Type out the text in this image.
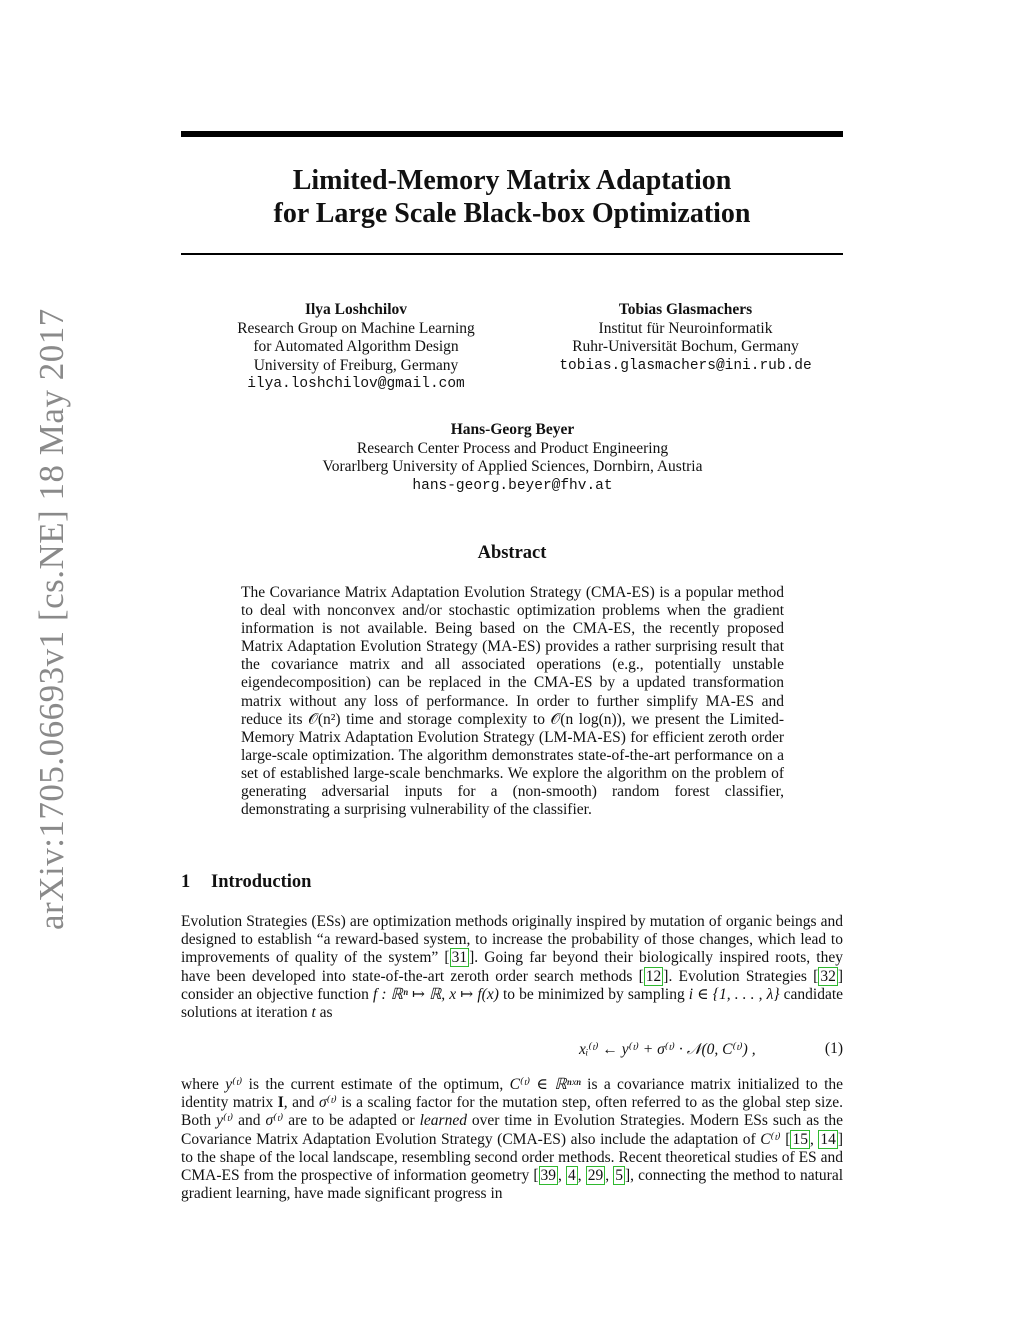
Limited-Memory Matrix Adaptation
for Large Scale Black-box Optimization
arXiv:1705.06693v1 [cs.NE] 18 May 2017	Ilya Loshchilov
Research Group on Machine Learning
for Automated Algorithm Design
University of Freiburg, Germany
ilya.loshchilov@gmail.com
Tobias Glasmachers
Institut für Neuroinformatik
Ruhr-Universität Bochum, Germany
tobias.glasmachers@ini.rub.de
Hans-Georg Beyer
Research Center Process and Product Engineering
Vorarlberg University of Applied Sciences, Dornbirn, Austria
hans-georg.beyer@fhv.at
Abstract
The Covariance Matrix Adaptation Evolution Strategy (CMA-ES) is a popular method to deal with nonconvex and/or stochastic optimization problems when the gradient information is not available. Being based on the CMA-ES, the recently proposed Matrix Adaptation Evolution Strategy (MA-ES) provides a rather surprising result that the covariance matrix and all associated operations (e.g., potentially unstable eigendecomposition) can be replaced in the CMA-ES by a updated transformation matrix without any loss of performance. In order to further simplify MA-ES and reduce its 𝒪(n²) time and storage complexity to 𝒪(n log(n)), we present the Limited-Memory Matrix Adaptation Evolution Strategy (LM-MA-ES) for efficient zeroth order large-scale optimization. The algorithm demonstrates state-of-the-art performance on a set of established large-scale benchmarks. We explore the algorithm on the problem of generating adversarial inputs for a (non-smooth) random forest classifier, demonstrating a surprising vulnerability of the classifier.
1 Introduction
Evolution Strategies (ESs) are optimization methods originally inspired by mutation of organic beings and designed to establish “a reward-based system, to increase the probability of those changes, which lead to improvements of quality of the system” [ 31 ]. Going far beyond their biologically inspired roots, they have been developed into state-of-the-art zeroth order search methods [ 12 ]. Evolution Strategies [ 32 ] consider an objective function f : ℝⁿ ↦ ℝ, x ↦ f(x) to be minimized by sampling i ∈ {1, . . . , λ} candidate solutions at iteration t as
xᵢ⁽ᵗ⁾ ← y⁽ᵗ⁾ + σ⁽ᵗ⁾ · 𝒩(0, C⁽ᵗ⁾) ,	(1)
where y⁽ᵗ⁾ is the current estimate of the optimum, C⁽ᵗ⁾ ∈ ℝⁿˣⁿ is a covariance matrix initialized to the identity matrix I, and σ⁽ᵗ⁾ is a scaling factor for the mutation step, often referred to as the global step size. Both y⁽ᵗ⁾ and σ⁽ᵗ⁾ are to be adapted or learned over time in Evolution Strategies. Modern ESs such as the Covariance Matrix Adaptation Evolution Strategy (CMA-ES) also include the adaptation of C⁽ᵗ⁾ [ 15 , 14 ] to the shape of the local landscape, resembling second order methods. Recent theoretical studies of ES and CMA-ES from the prospective of information geometry [ 39 , 4 , 29 , 5 ], connecting the method to natural gradient learning, have made significant progress in
